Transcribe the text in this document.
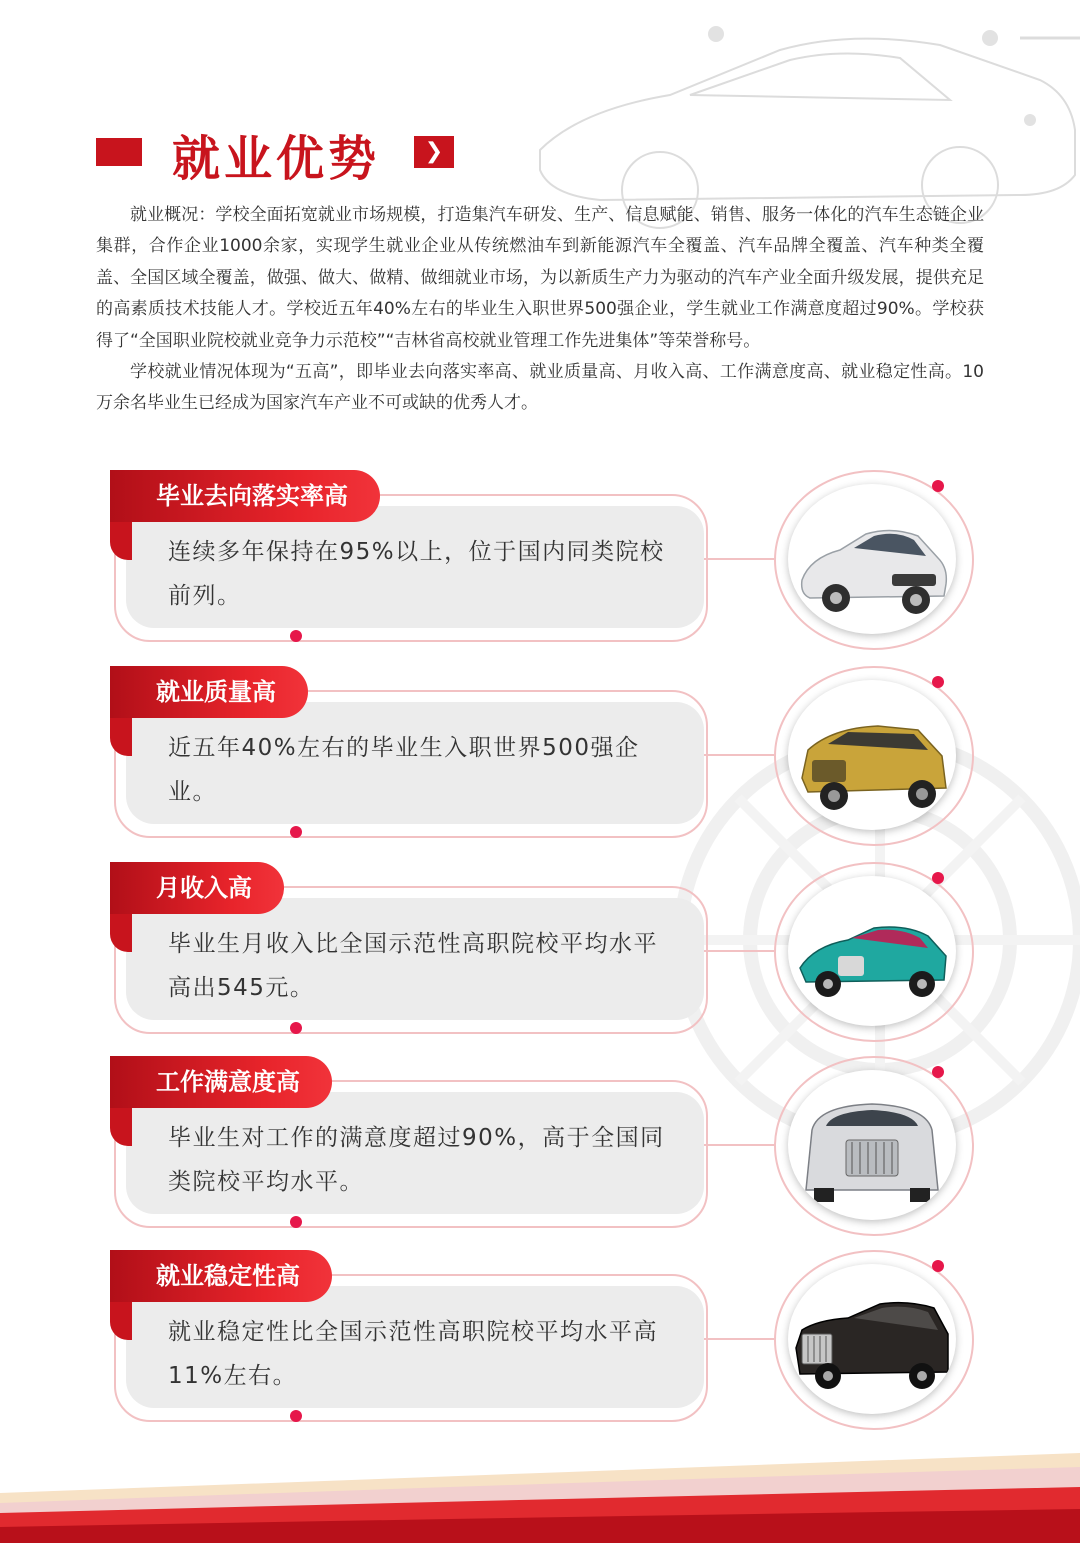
就业优势	❯

就业概况：学校全面拓宽就业市场规模，打造集汽车研发、生产、信息赋能、销售、服务一体化的汽车生态链企业集群，合作企业1000余家，实现学生就业企业从传统燃油车到新能源汽车全覆盖、汽车品牌全覆盖、汽车种类全覆盖、全国区域全覆盖，做强、做大、做精、做细就业市场，为以新质生产力为驱动的汽车产业全面升级发展，提供充足的高素质技术技能人才。学校近五年40%左右的毕业生入职世界500强企业，学生就业工作满意度超过90%。学校获得了“全国职业院校就业竞争力示范校”“吉林省高校就业管理工作先进集体”等荣誉称号。

学校就业情况体现为“五高”，即毕业去向落实率高、就业质量高、月收入高、工作满意度高、就业稳定性高。10万余名毕业生已经成为国家汽车产业不可或缺的优秀人才。

连续多年保持在95%以上，位于国内同类院校前列。
毕业去向落实率高
近五年40%左右的毕业生入职世界500强企业。
就业质量高
毕业生月收入比全国示范性高职院校平均水平高出545元。
月收入高
毕业生对工作的满意度超过90%，高于全国同类院校平均水平。
工作满意度高
就业稳定性比全国示范性高职院校平均水平高11%左右。
就业稳定性高
